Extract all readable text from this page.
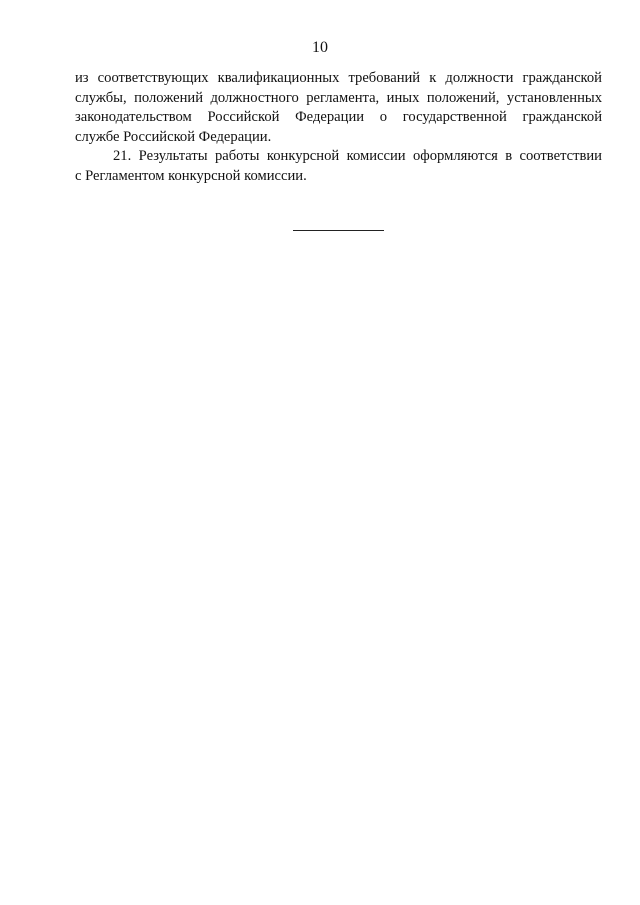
10

из соответствующих квалификационных требований к должности гражданской
службы, положений должностного регламента, иных положений, установленных
законодательством Российской Федерации о государственной гражданской
службе Российской Федерации.

21. Результаты работы конкурсной комиссии оформляются в соответствии
с Регламентом конкурсной комиссии.
